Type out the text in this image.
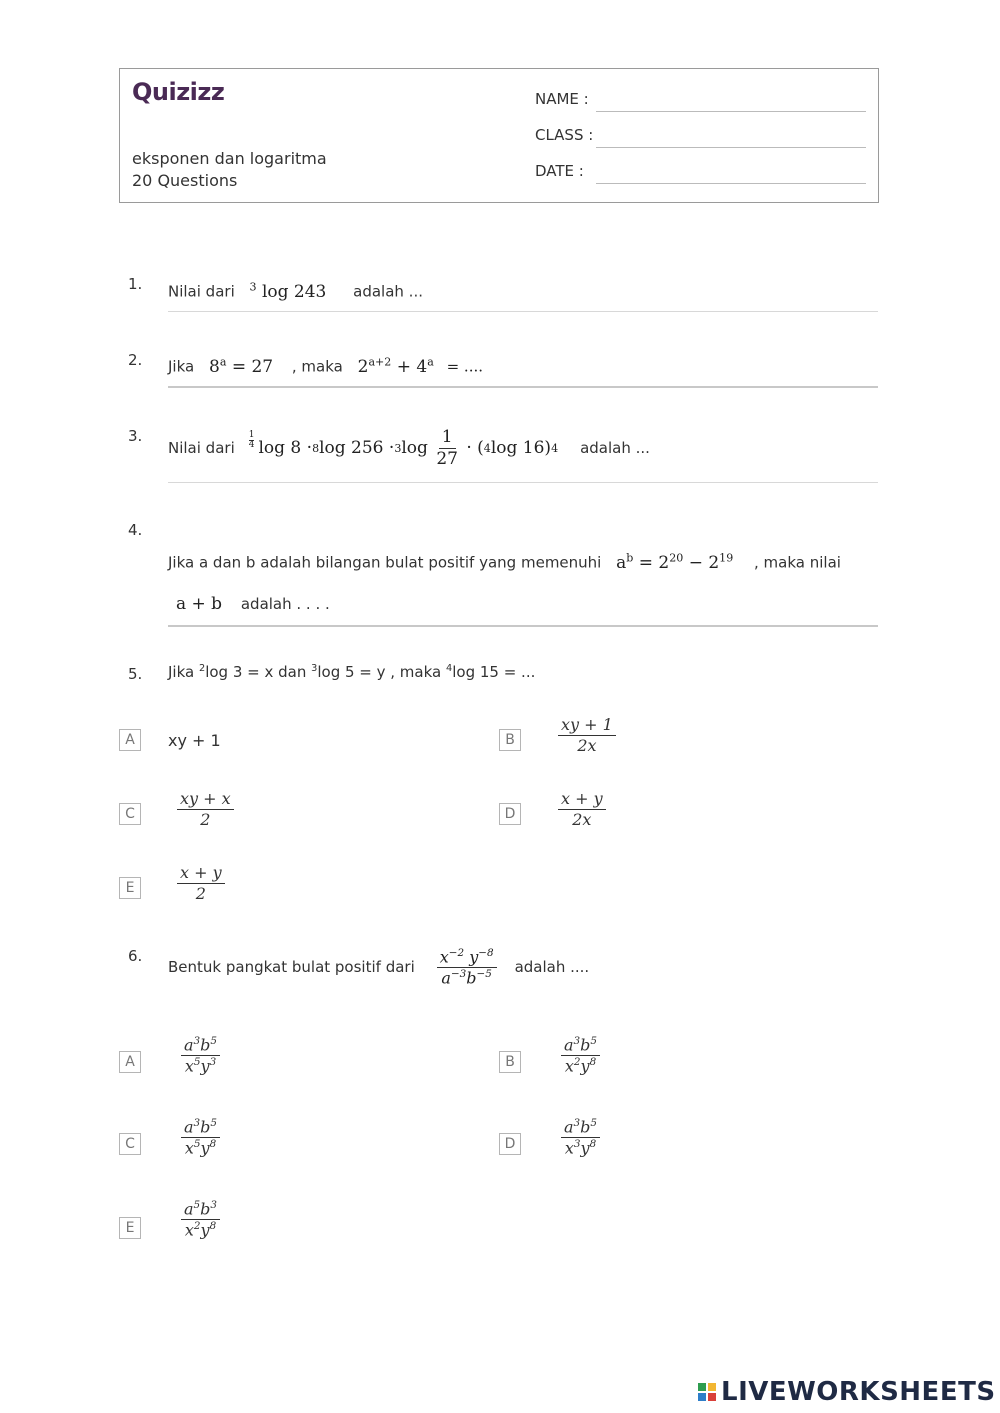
Quizizz
eksponen dan logaritma
20 Questions
NAME :
CLASS :
DATE :
1. Nilai dari $^3$ log 243 adalah ...
2. Jika $8^a = 27$ , maka $2^{a+2} + 4^a$ = ....
3.
Nilai dari
1
4 $\log 8 \cdot_8$ log 256 · 3 $\log \frac{1}{27}$ · ( 4 log 16) 4 adalah ...
4.
Jika a dan b adalah bilangan bulat positif yang memenuhi $a^b = 2^{20} - 2^{19}$ , maka nilai
a + b adalah . . . .
5. Jika $^2$log 3 = x dan $^3$log 5 = y , maka $^4$log 15 = ...
A	xy + 1	B	$\frac{xy + 1}{2x}$
C	$\frac{xy + x}{2}$	D	$\frac{x + y}{2x}$
E	$\frac{x + y}{2}$
6.
Bentuk pangkat bulat positif dari $\frac{x^{-2} y^{-8}}{a^{-3}b^{-5}}$ adalah ....
A	$\frac{a^3b^5}{x^5y^3}$	B	$\frac{a^3b^5}{x^2y^8}$
C	$\frac{a^3b^5}{x^5y^8}$	D	$\frac{a^3b^5}{x^3y^8}$
E	$\frac{a^5b^3}{x^2y^8}$
LIVEWORKSHEETS
